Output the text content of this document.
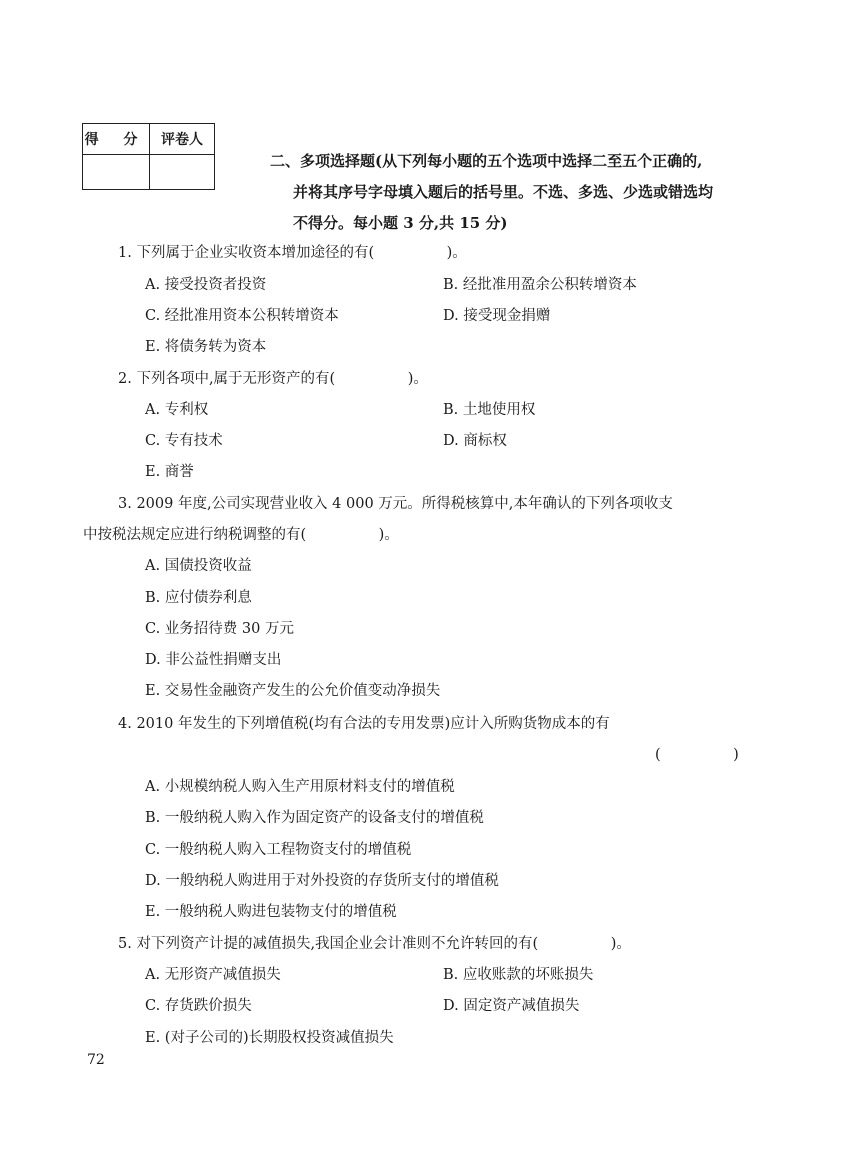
得 分	评卷人

二、多项选择题(从下列每小题的五个选项中选择二至五个正确的,
并将其序号字母填入题后的括号里。不选、多选、少选或错选均
不得分。每小题 3 分,共 15 分)
1. 下列属于企业实收资本增加途径的有(　　　　　)。
A. 接受投资者投资	B. 经批准用盈余公积转增资本
C. 经批准用资本公积转增资本	D. 接受现金捐赠
E. 将债务转为资本
2. 下列各项中,属于无形资产的有(　　　　　)。
A. 专利权	B. 土地使用权
C. 专有技术	D. 商标权
E. 商誉
3. 2009 年度,公司实现营业收入 4 000 万元。所得税核算中,本年确认的下列各项收支
中按税法规定应进行纳税调整的有(　　　　　)。
A. 国债投资收益
B. 应付债券利息
C. 业务招待费 30 万元
D. 非公益性捐赠支出
E. 交易性金融资产发生的公允价值变动净损失
4. 2010 年发生的下列增值税(均有合法的专用发票)应计入所购货物成本的有
(　　　　　)
A. 小规模纳税人购入生产用原材料支付的增值税
B. 一般纳税人购入作为固定资产的设备支付的增值税
C. 一般纳税人购入工程物资支付的增值税
D. 一般纳税人购进用于对外投资的存货所支付的增值税
E. 一般纳税人购进包装物支付的增值税
5. 对下列资产计提的减值损失,我国企业会计准则不允许转回的有(　　　　　)。
A. 无形资产减值损失	B. 应收账款的坏账损失
C. 存货跌价损失	D. 固定资产减值损失
E. (对子公司的)长期股权投资减值损失
72
